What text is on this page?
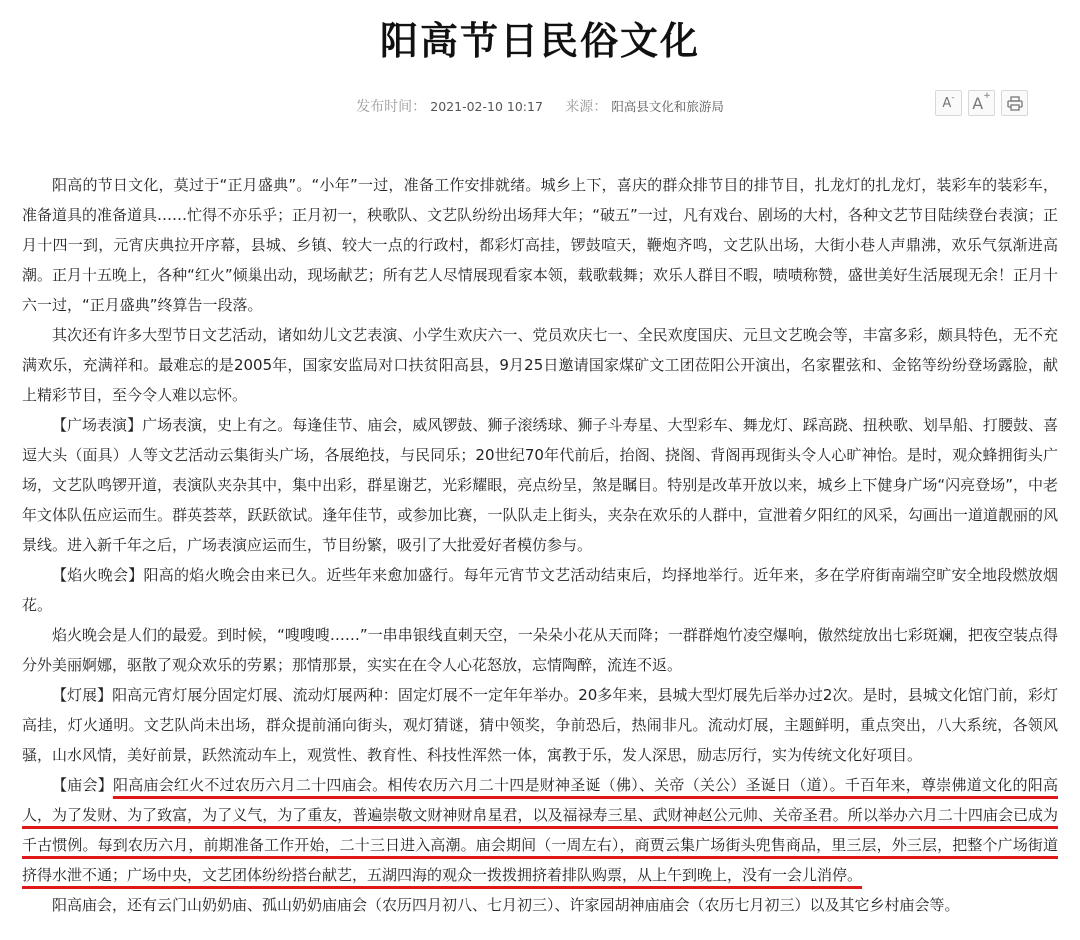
阳高节日民俗文化
发布时间： 2021-02-10 10:17 来源： 阳高县文化和旅游局	A- A+

阳高的节日文化，莫过于“正月盛典”。“小年”一过，准备工作安排就绪。城乡上下，喜庆的群众排节目的排节目，扎龙灯的扎龙灯，装彩车的装彩车，准备道具的准备道具……忙得不亦乐乎；正月初一，秧歌队、文艺队纷纷出场拜大年；“破五”一过，凡有戏台、剧场的大村，各种文艺节目陆续登台表演；正月十四一到，元宵庆典拉开序幕，县城、乡镇、较大一点的行政村，都彩灯高挂，锣鼓喧天，鞭炮齐鸣，文艺队出场，大街小巷人声鼎沸，欢乐气氛渐进高潮。正月十五晚上，各种“红火”倾巢出动，现场献艺；所有艺人尽情展现看家本领，载歌载舞；欢乐人群目不暇，啧啧称赞，盛世美好生活展现无余！正月十六一过，“正月盛典”终算告一段落。

其次还有许多大型节日文艺活动，诸如幼儿文艺表演、小学生欢庆六一、党员欢庆七一、全民欢度国庆、元旦文艺晚会等，丰富多彩，颇具特色，无不充满欢乐，充满祥和。最难忘的是2005年，国家安监局对口扶贫阳高县，9月25日邀请国家煤矿文工团莅阳公开演出，名家瞿弦和、金铭等纷纷登场露脸，献上精彩节目，至今令人难以忘怀。

【广场表演】广场表演，史上有之。每逢佳节、庙会，威风锣鼓、狮子滚绣球、狮子斗寿星、大型彩车、舞龙灯、踩高跷、扭秧歌、划旱船、打腰鼓、喜逗大头（面具）人等文艺活动云集街头广场，各展绝技，与民同乐；20世纪70年代前后，抬阁、挠阁、背阁再现街头令人心旷神怡。是时，观众蜂拥街头广场，文艺队鸣锣开道，表演队夹杂其中，集中出彩，群星谢艺，光彩耀眼，亮点纷呈，煞是瞩目。特别是改革开放以来，城乡上下健身广场“闪亮登场”，中老年文体队伍应运而生。群英荟萃，跃跃欲试。逢年佳节，或参加比赛，一队队走上街头，夹杂在欢乐的人群中，宣泄着夕阳红的风采，勾画出一道道靓丽的风景线。进入新千年之后，广场表演应运而生，节目纷繁，吸引了大批爱好者模仿参与。

【焰火晚会】阳高的焰火晚会由来已久。近些年来愈加盛行。每年元宵节文艺活动结束后，均择地举行。近年来，多在学府街南端空旷安全地段燃放烟花。

焰火晚会是人们的最爱。到时候，“嗖嗖嗖……”一串串银线直刺天空，一朵朵小花从天而降；一群群炮竹凌空爆响，傲然绽放出七彩斑斓，把夜空装点得分外美丽婀娜，驱散了观众欢乐的劳累；那情那景，实实在在令人心花怒放，忘情陶醉，流连不返。

【灯展】阳高元宵灯展分固定灯展、流动灯展两种：固定灯展不一定年年举办。20多年来，县城大型灯展先后举办过2次。是时，县城文化馆门前，彩灯高挂，灯火通明。文艺队尚未出场，群众提前涌向街头，观灯猜谜，猜中领奖，争前恐后，热闹非凡。流动灯展，主题鲜明，重点突出，八大系统，各领风骚，山水风情，美好前景，跃然流动车上，观赏性、教育性、科技性浑然一体，寓教于乐，发人深思，励志厉行，实为传统文化好项目。

【庙会】阳高庙会红火不过农历六月二十四庙会。相传农历六月二十四是财神圣诞（佛）、关帝（关公）圣诞日（道）。千百年来，尊崇佛道文化的阳高人，为了发财、为了致富，为了义气，为了重友，普遍崇敬文财神财帛星君，以及福禄寿三星、武财神赵公元帅、关帝圣君。所以举办六月二十四庙会已成为千古惯例。每到农历六月，前期准备工作开始，二十三日进入高潮。庙会期间（一周左右），商贾云集广场街头兜售商品，里三层，外三层，把整个广场街道挤得水泄不通；广场中央，文艺团体纷纷搭台献艺，五湖四海的观众一拨拨拥挤着排队购票，从上午到晚上，没有一会儿消停。

阳高庙会，还有云门山奶奶庙、孤山奶奶庙庙会（农历四月初八、七月初三）、许家园胡神庙庙会（农历七月初三）以及其它乡村庙会等。
